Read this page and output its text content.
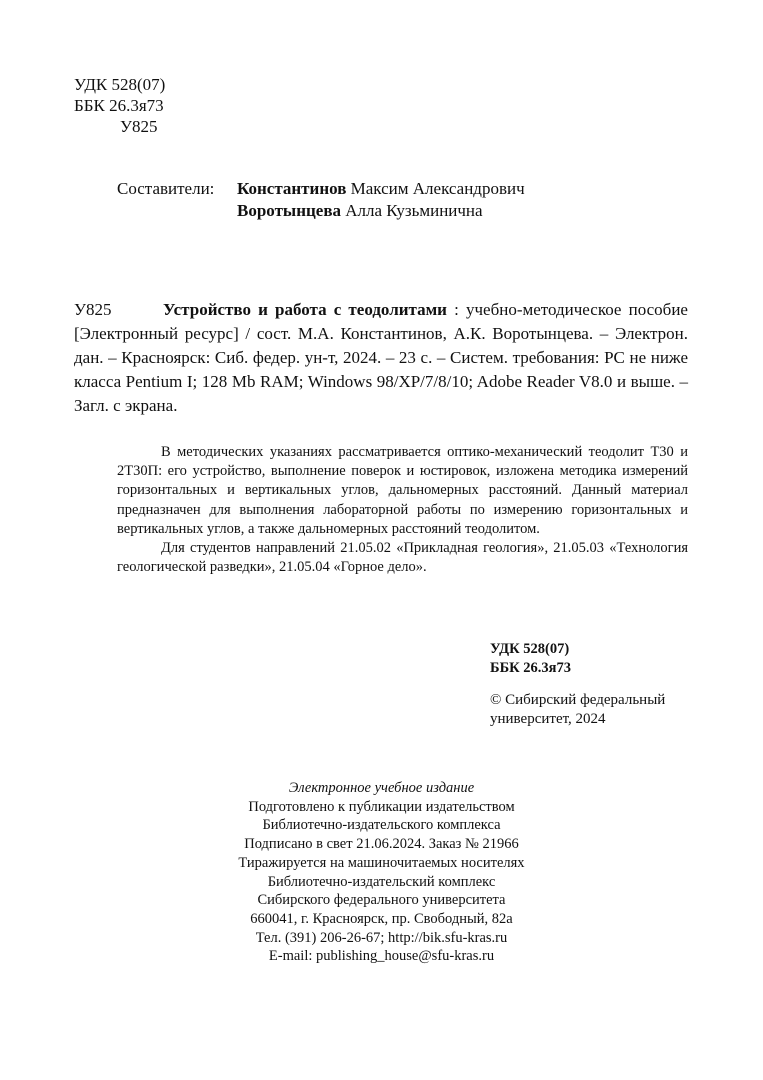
УДК 528(07)
ББК 26.3я73
У825
Составители: Константинов Максим Александрович
Воротынцева Алла Кузьминична
У825	Устройство и работа с теодолитами : учебно-методическое пособие [Электронный ресурс] / сост. М.А. Константинов, А.К. Воротынцева. – Электрон. дан. – Красноярск: Сиб. федер. ун-т, 2024. – 23 с. – Систем. требования: PC не ниже класса Pentium I; 128 Mb RAM; Windows 98/XP/7/8/10; Adobe Reader V8.0 и выше. – Загл. с экрана.

В методических указаниях рассматривается оптико-механический теодолит Т30 и 2Т30П: его устройство, выполнение поверок и юстировок, изложена методика измерений горизонтальных и вертикальных углов, дальномерных расстояний. Данный материал предназначен для выполнения лабораторной работы по измерению горизонтальных и вертикальных углов, а также дальномерных расстояний теодолитом.

Для студентов направлений 21.05.02 «Прикладная геология», 21.05.03 «Технология геологической разведки», 21.05.04 «Горное дело».

УДК 528(07)
ББК 26.3я73
© Сибирский федеральный
университет, 2024
Электронное учебное издание
Подготовлено к публикации издательством
Библиотечно-издательского комплекса
Подписано в свет 21.06.2024. Заказ № 21966
Тиражируется на машиночитаемых носителях
Библиотечно-издательский комплекс
Сибирского федерального университета
660041, г. Красноярск, пр. Свободный, 82а
Тел. (391) 206-26-67; http://bik.sfu-kras.ru
E-mail: publishing_house@sfu-kras.ru
